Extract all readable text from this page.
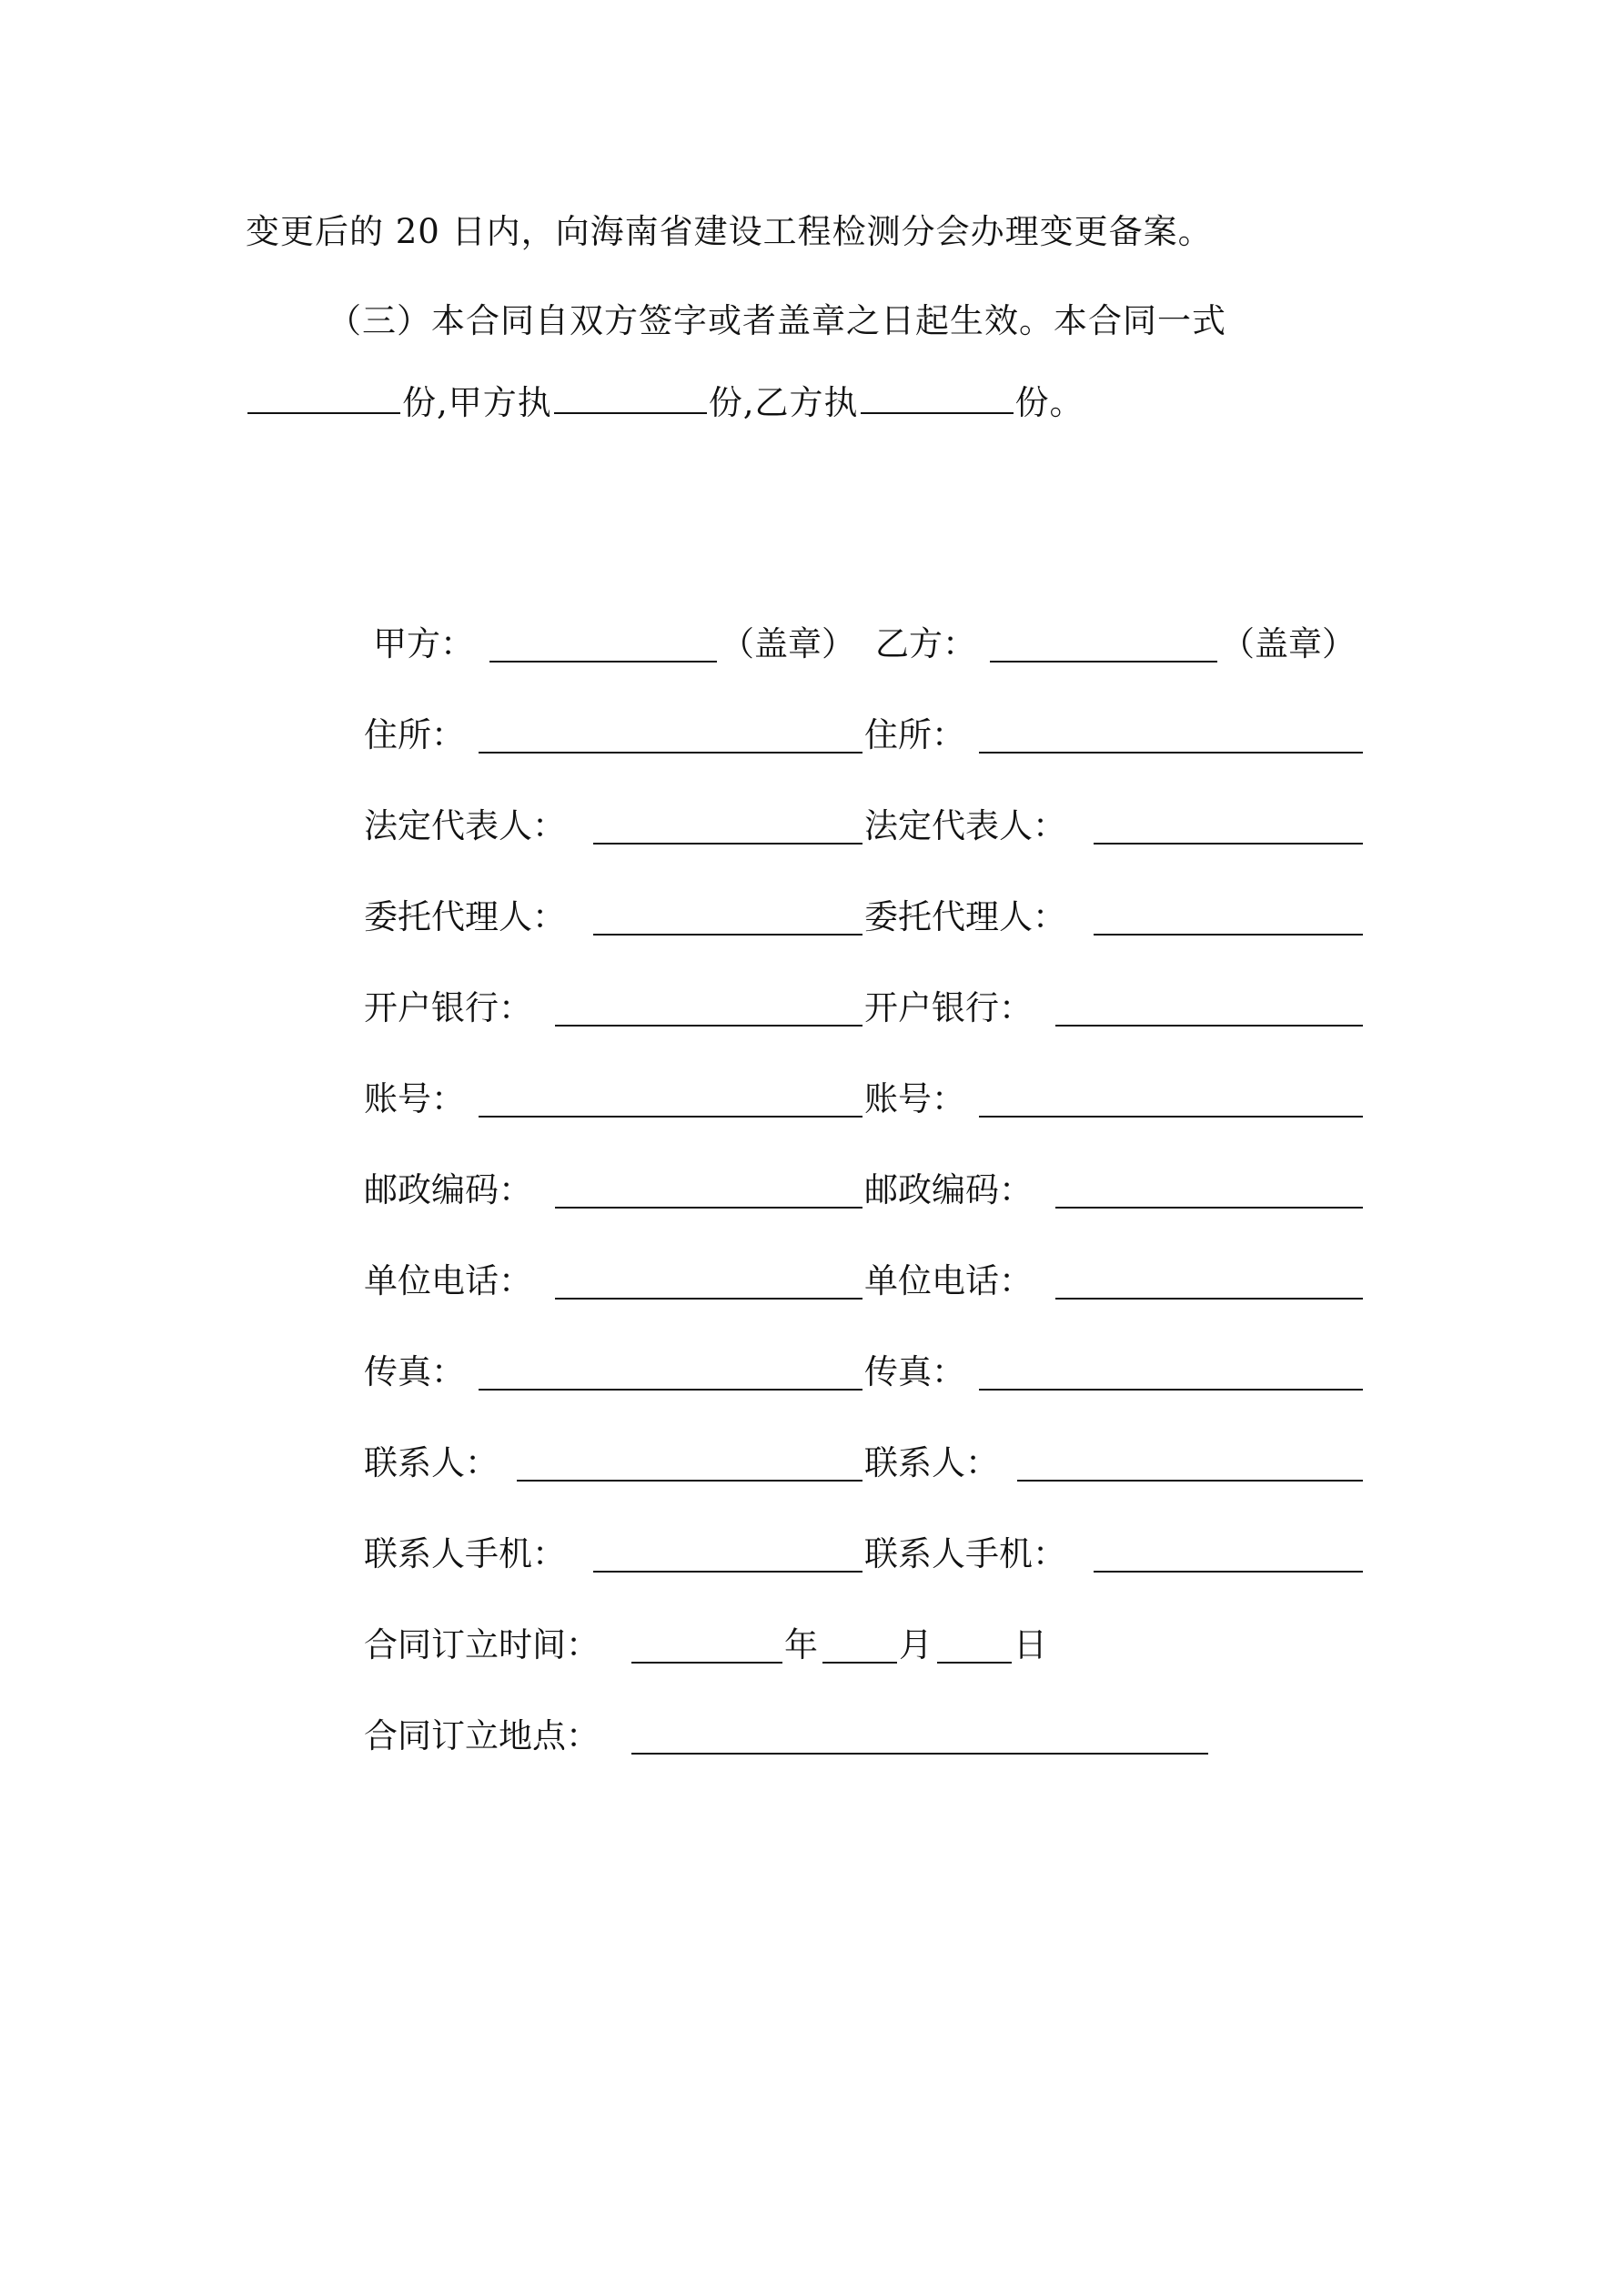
变更后的 20 日内，向海南省建设工程检测分会办理变更备案。
（三）本合同自双方签字或者盖章之日起生效。本合同一式
份,甲方执	份,乙方执	份。
甲方：	（盖章） 乙方：	（盖章）
住所：	住所：
法定代表人：	法定代表人：
委托代理人：	委托代理人：
开户银行：	开户银行：
账号：	账号：
邮政编码：	邮政编码：
单位电话：	单位电话：
传真：	传真：
联系人：	联系人：
联系人手机：	联系人手机：
合同订立时间：	年 月 日
合同订立地点：
